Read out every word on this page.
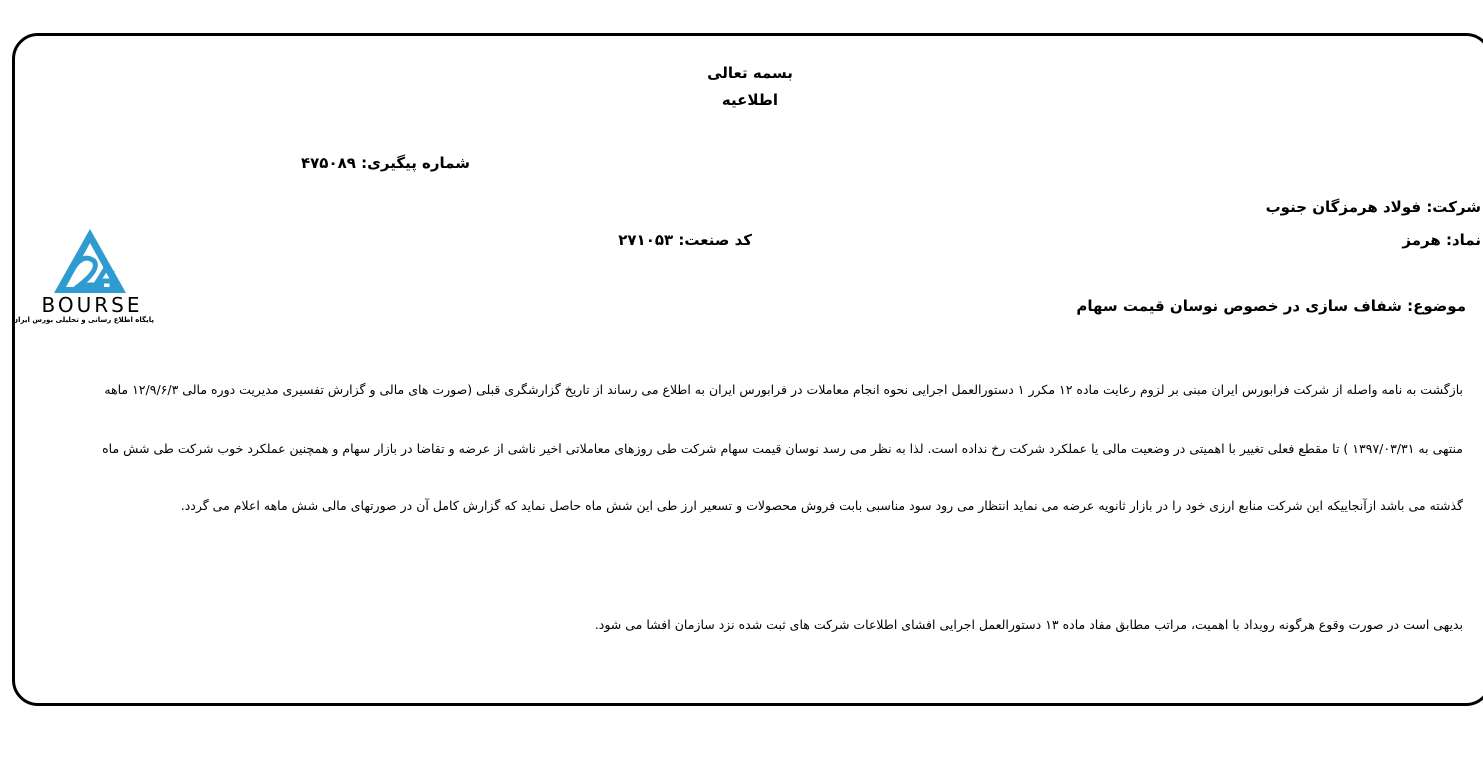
بسمه تعالی
اطلاعیه
شماره پیگیری: ۴۷۵۰۸۹
شرکت: فولاد هرمزگان جنوب
نماد: هرمز
کد صنعت: ۲۷۱۰۵۳
موضوع: شفاف سازی در خصوص نوسان قیمت سهام
BOURSE
پایگاه اطلاع رسانی و تحلیلی بورس ایران
بازگشت به نامه واصله از شرکت فرابورس ایران مبنی بر لزوم رعایت ماده ۱۲ مکرر ۱ دستورالعمل اجرایی نحوه انجام معاملات در فرابورس ایران به اطلاع می رساند از تاریخ گزارشگری قبلی (صورت های مالی و گزارش تفسیری مدیریت دوره مالی ۱۲/۹/۶/۳ ماهه
منتهی به ۱۳۹۷/۰۳/۳۱ ) تا مقطع فعلی تغییر با اهمیتی در وضعیت مالی یا عملکرد شرکت رخ نداده است. لذا به نظر می رسد نوسان قیمت سهام شرکت طی روزهای معاملاتی اخیر ناشی از عرضه و تقاضا در بازار سهام و همچنین عملکرد خوب شرکت طی شش ماه
گذشته می باشد ازآنجاییکه این شرکت منابع ارزی خود را در بازار ثانویه عرضه می نماید انتظار می رود سود مناسبی بابت فروش محصولات و تسعیر ارز طی این شش ماه حاصل نماید که گزارش کامل آن در صورتهای مالی شش ماهه اعلام می گردد.
بدیهی است در صورت وقوع هرگونه رویداد با اهمیت، مراتب مطابق مفاد ماده ۱۳ دستورالعمل اجرایی افشای اطلاعات شرکت های ثبت شده نزد سازمان افشا می شود.
